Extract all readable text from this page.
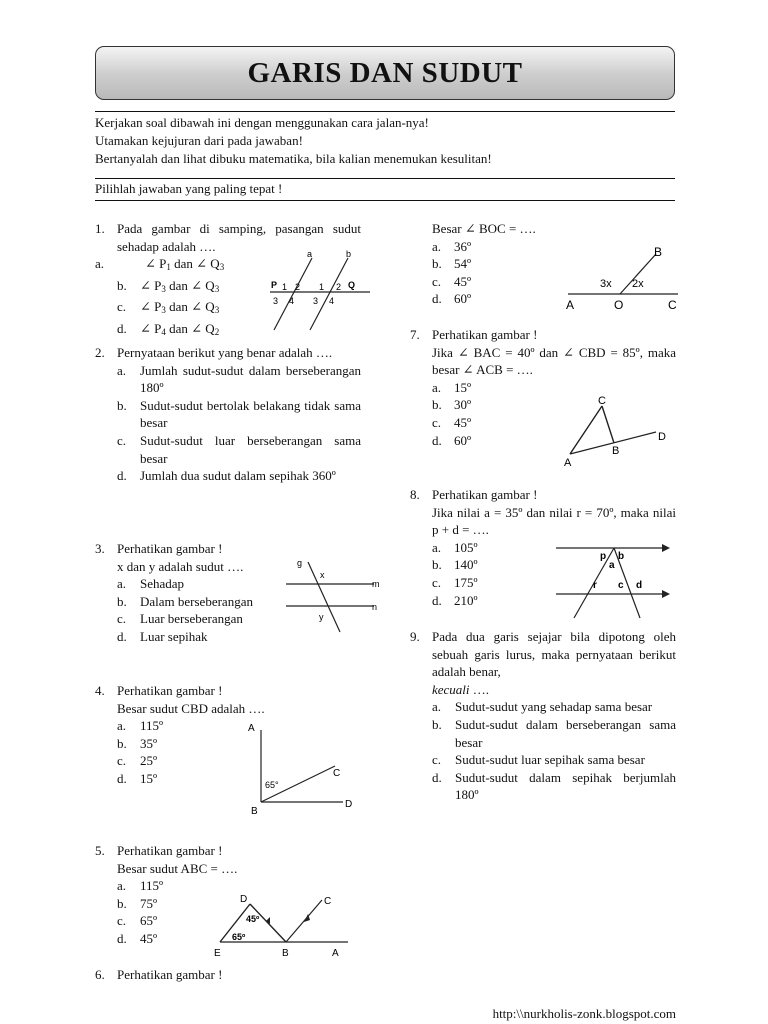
GARIS DAN SUDUT
Kerjakan soal dibawah ini dengan menggunakan cara jalan-nya!
Utamakan kejujuran dari pada jawaban!
Bertanyalah dan lihat dibuku matematika, bila kalian menemukan kesulitan!
Pilihlah jawaban yang paling tepat !
1. Pada gambar di samping, pasangan sudut sehadap adalah ….
a.	∠ $P_1$ dan ∠ $Q_3$
b. ∠ $P_3$ dan ∠ $Q_3$
c. ∠ $P_3$ dan ∠ $Q_3$
d. ∠ $P_4$ dan ∠ $Q_2$
a	b
P	Q
1 2
3 4
1 2
3 4
2. Pernyataan berikut yang benar adalah ….
a. Jumlah sudut-sudut dalam berseberangan 180º
b. Sudut-sudut bertolak belakang tidak sama besar
c. Sudut-sudut luar berseberangan sama besar
d. Jumlah dua sudut dalam sepihak 360º
3. Perhatikan gambar !
x dan y adalah sudut ….
a. Sehadap
b. Dalam berseberangan
c. Luar berseberangan
d. Luar sepihak
g
x
y
m
n
4. Perhatikan gambar !
Besar sudut CBD adalah ….
a. 115º
b. 35º
c. 25º
d. 15º
A
B
C
D
65°
5. Perhatikan gambar !
Besar sudut ABC = ….
a. 115º
b. 75º
c. 65º
d. 45º
D	C
E	B	A
45º
65º
6. Perhatikan gambar !
Besar ∠ BOC = ….
a. 36º
b. 54º
c. 45º
d. 60º
B
A	O	C
3x 2x
7. Perhatikan gambar !
Jika ∠ BAC = 40º dan ∠ CBD = 85º, maka besar ∠ ACB = ….
a. 15º
b. 30º
c. 45º
d. 60º
C
A
B
D
8. Perhatikan gambar !
Jika nilai a = 35º dan nilai r = 70º, maka nilai p + d = ….
a. 105º
b. 140º
c. 175º
d. 210º
p b
a
r c d
9. Pada dua garis sejajar bila dipotong oleh sebuah garis lurus, maka pernyataan berikut adalah benar,
kecuali ….
a. Sudut-sudut yang sehadap sama besar
b. Sudut-sudut dalam berseberangan sama besar
c. Sudut-sudut luar sepihak sama besar
d. Sudut-sudut dalam sepihak berjumlah 180º
http:\\nurkholis-zonk.blogspot.com
